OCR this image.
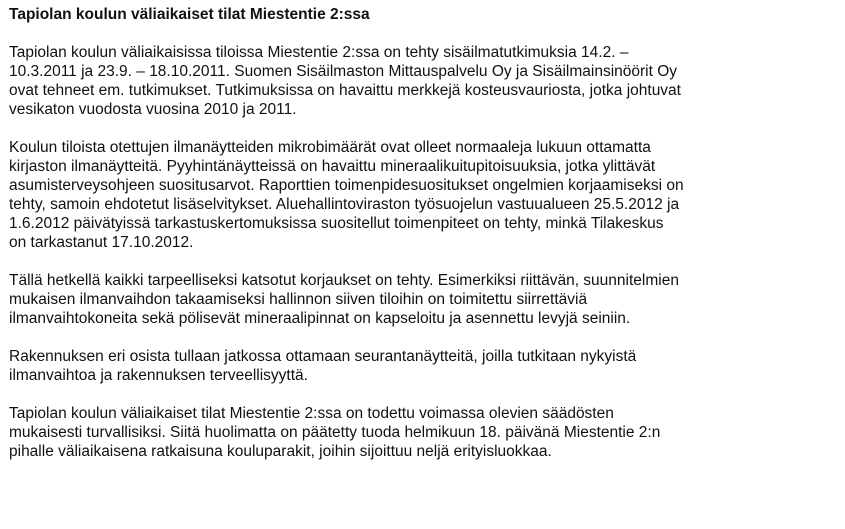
Tapiolan koulun väliaikaiset tilat Miestentie 2:ssa
Tapiolan koulun väliaikaisissa tiloissa Miestentie 2:ssa on tehty sisäilmatutkimuksia 14.2. –
10.3.2011 ja 23.9. – 18.10.2011. Suomen Sisäilmaston Mittauspalvelu Oy ja Sisäilmainsinöörit Oy
ovat tehneet em. tutkimukset. Tutkimuksissa on havaittu merkkejä kosteusvauriosta, jotka johtuvat
vesikaton vuodosta vuosina 2010 ja 2011.
Koulun tiloista otettujen ilmanäytteiden mikrobimäärät ovat olleet normaaleja lukuun ottamatta
kirjaston ilmanäytteitä. Pyyhintänäytteissä on havaittu mineraalikuitupitoisuuksia, jotka ylittävät
asumisterveysohjeen suositusarvot. Raporttien toimenpidesuositukset ongelmien korjaamiseksi on
tehty, samoin ehdotetut lisäselvitykset. Aluehallintoviraston työsuojelun vastuualueen 25.5.2012 ja
1.6.2012 päivätyissä tarkastuskertomuksissa suositellut toimenpiteet on tehty, minkä Tilakeskus
on tarkastanut 17.10.2012.
Tällä hetkellä kaikki tarpeelliseksi katsotut korjaukset on tehty. Esimerkiksi riittävän, suunnitelmien
mukaisen ilmanvaihdon takaamiseksi hallinnon siiven tiloihin on toimitettu siirrettäviä
ilmanvaihtokoneita sekä pölisevät mineraalipinnat on kapseloitu ja asennettu levyjä seiniin.
Rakennuksen eri osista tullaan jatkossa ottamaan seurantanäytteitä, joilla tutkitaan nykyistä
ilmanvaihtoa ja rakennuksen terveellisyyttä.
Tapiolan koulun väliaikaiset tilat Miestentie 2:ssa on todettu voimassa olevien säädösten
mukaisesti turvallisiksi. Siitä huolimatta on päätetty tuoda helmikuun 18. päivänä Miestentie 2:n
pihalle väliaikaisena ratkaisuna kouluparakit, joihin sijoittuu neljä erityisluokkaa.
